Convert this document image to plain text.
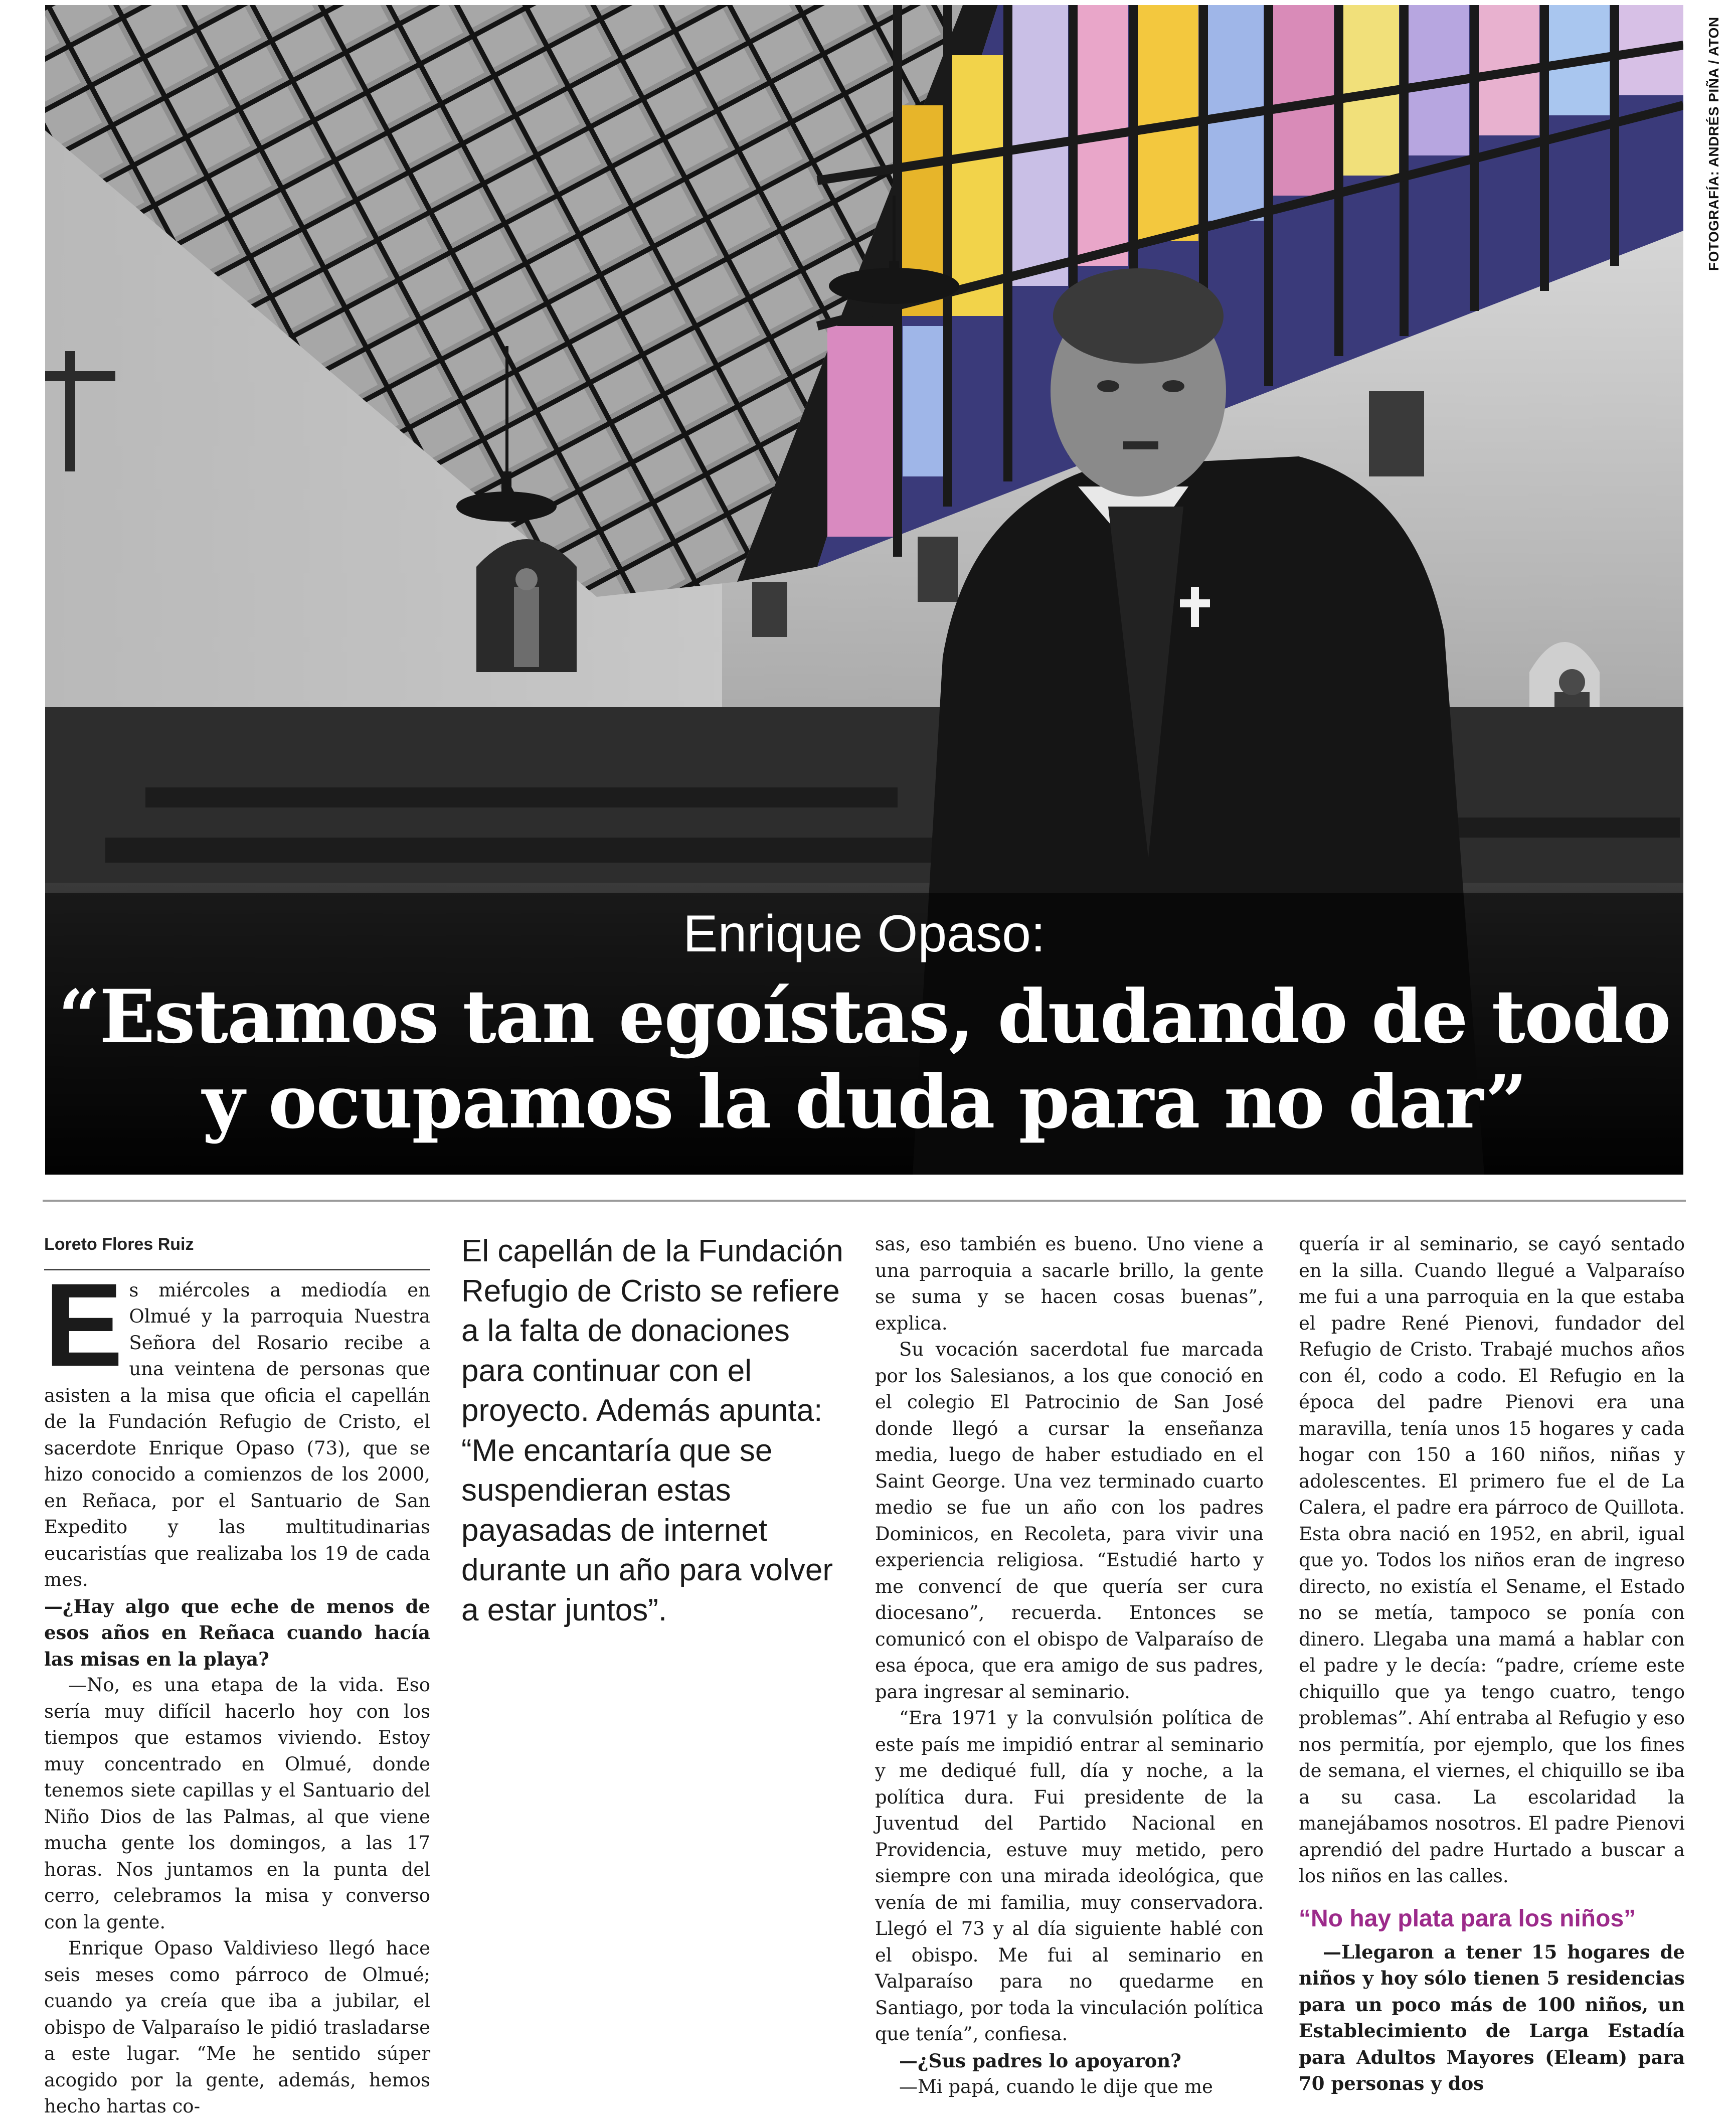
FOTOGRAFÍA: ANDRÉS PIÑA / ATON
Enrique Opaso:
“Estamos tan egoístas, dudando de todo
y ocupamos la duda para no dar”
Loreto Flores Ruiz

Es miércoles a mediodía en Olmué y la parroquia Nuestra Señora del Rosario recibe a una veintena de personas que asisten a la misa que oficia el capellán de la Fundación Refugio de Cristo, el sacerdote Enrique Opaso (73), que se hizo conocido a comienzos de los 2000, en Reñaca, por el Santuario de San Expedito y las multitudinarias eucaristías que realizaba los 19 de cada mes.

—¿Hay algo que eche de menos de esos años en Reñaca cuando hacía las misas en la playa?

—No, es una etapa de la vida. Eso sería muy difícil hacerlo hoy con los tiempos que estamos viviendo. Estoy muy concentrado en Olmué, donde tenemos siete capillas y el Santuario del Niño Dios de las Palmas, al que viene mucha gente los domingos, a las 17 horas. Nos juntamos en la punta del cerro, celebramos la misa y converso con la gente.

Enrique Opaso Valdivieso llegó hace seis meses como párroco de Olmué; cuando ya creía que iba a jubilar, el obispo de Valparaíso le pidió trasladarse a este lugar. “Me he sentido súper acogido por la gente, además, hemos hecho hartas co-

El capellán de la Fundación Refugio de Cristo se refiere a la falta de donaciones para continuar con el proyecto. Además apunta: “Me encantaría que se suspendieran estas payasadas de internet durante un año para volver a estar juntos”.

sas, eso también es bueno. Uno viene a una parroquia a sacarle brillo, la gente se suma y se hacen cosas buenas”, explica.

Su vocación sacerdotal fue marcada por los Salesianos, a los que conoció en el colegio El Patrocinio de San José donde llegó a cursar la enseñanza media, luego de haber estudiado en el Saint George. Una vez terminado cuarto medio se fue un año con los padres Dominicos, en Recoleta, para vivir una experiencia religiosa. “Estudié harto y me convencí de que quería ser cura diocesano”, recuerda. Entonces se comunicó con el obispo de Valparaíso de esa época, que era amigo de sus padres, para ingresar al seminario.

“Era 1971 y la convulsión política de este país me impidió entrar al seminario y me dediqué full, día y noche, a la política dura. Fui presidente de la Juventud del Partido Nacional en Providencia, estuve muy metido, pero siempre con una mirada ideológica, que venía de mi familia, muy conservadora. Llegó el 73 y al día siguiente hablé con el obispo. Me fui al seminario en Valparaíso para no quedarme en Santiago, por toda la vinculación política que tenía”, confiesa.

—¿Sus padres lo apoyaron?

—Mi papá, cuando le dije que me

quería ir al seminario, se cayó sentado en la silla. Cuando llegué a Valparaíso me fui a una parroquia en la que estaba el padre René Pienovi, fundador del Refugio de Cristo. Trabajé muchos años con él, codo a codo. El Refugio en la época del padre Pienovi era una maravilla, tenía unos 15 hogares y cada hogar con 150 a 160 niños, niñas y adolescentes. El primero fue el de La Calera, el padre era párroco de Quillota. Esta obra nació en 1952, en abril, igual que yo. Todos los niños eran de ingreso directo, no existía el Sename, el Estado no se metía, tampoco se ponía con dinero. Llegaba una mamá a hablar con el padre y le decía: “padre, críeme este chiquillo que ya tengo cuatro, tengo problemas”. Ahí entraba al Refugio y eso nos permitía, por ejemplo, que los fines de semana, el viernes, el chiquillo se iba a su casa. La escolaridad la manejábamos nosotros. El padre Pienovi aprendió del padre Hurtado a buscar a los niños en las calles.

“No hay plata para los niños”

—Llegaron a tener 15 hogares de niños y hoy sólo tienen 5 residencias para un poco más de 100 niños, un Establecimiento de Larga Estadía para Adultos Mayores (Eleam) para 70 personas y dos
